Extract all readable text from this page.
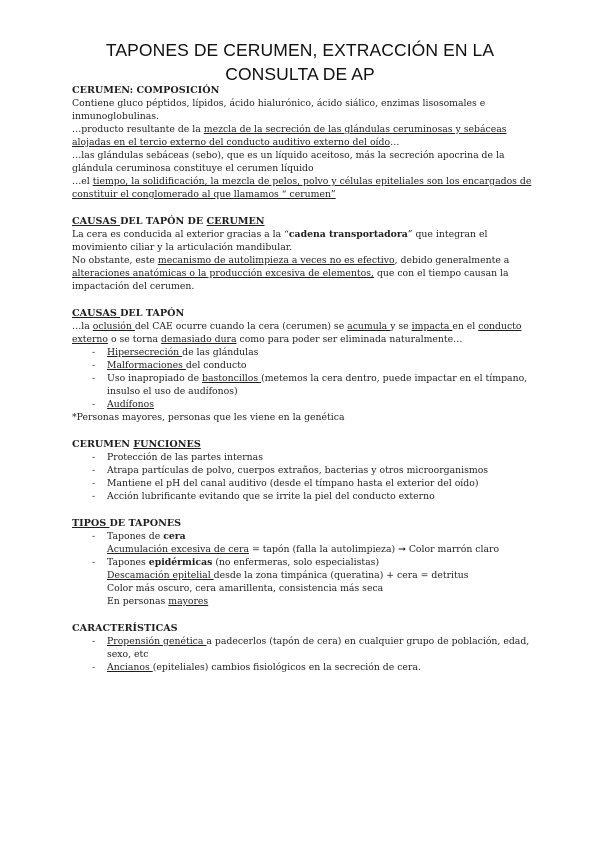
TAPONES DE CERUMEN, EXTRACCIÓN EN LA CONSULTA DE AP
CERUMEN: COMPOSICIÓN
Contiene gluco péptidos, lípidos, ácido hialurónico, ácido siálico, enzimas lisosomales e inmunoglobulinas.
…producto resultante de la mezcla de la secreción de las glándulas ceruminosas y sebáceas alojadas en el tercio externo del conducto auditivo externo del oído…
…las glándulas sebáceas (sebo), que es un líquido aceitoso, más la secreción apocrina de la glándula ceruminosa constituye el cerumen líquido
…el tiempo, la solidificación, la mezcla de pelos, polvo y células epiteliales son los encargados de constituir el conglomerado al que llamamos “ cerumen”
CAUSAS DEL TAPÓN DE CERUMEN
La cera es conducida al exterior gracias a la “cadena transportadora” que integran el movimiento ciliar y la articulación mandibular.
No obstante, este mecanismo de autolimpieza a veces no es efectivo, debido generalmente a alteraciones anatómicas o la producción excesiva de elementos, que con el tiempo causan la impactación del cerumen.
CAUSAS DEL TAPÓN
…la oclusión del CAE ocurre cuando la cera (cerumen) se acumula y se impacta en el conducto externo o se torna demasiado dura como para poder ser eliminada naturalmente…
- Hipersecreción de las glándulas
- Malformaciones del conducto
- Uso inapropiado de bastoncillos (metemos la cera dentro, puede impactar en el tímpano, insulso el uso de audífonos)
- Audífonos
*Personas mayores, personas que les viene en la genética
CERUMEN FUNCIONES
- Protección de las partes internas
- Atrapa partículas de polvo, cuerpos extraños, bacterias y otros microorganismos
- Mantiene el pH del canal auditivo (desde el tímpano hasta el exterior del oído)
- Acción lubrificante evitando que se irrite la piel del conducto externo
TIPOS DE TAPONES
- Tapones de cera
Acumulación excesiva de cera = tapón (falla la autolimpieza) ➞ Color marrón claro
- Tapones epidérmicas (no enfermeras, solo especialistas)
Descamación epitelial desde la zona timpánica (queratina) + cera = detritus
Color más oscuro, cera amarillenta, consistencia más seca
En personas mayores
CARACTERÍSTICAS
- Propensión genética a padecerlos (tapón de cera) en cualquier grupo de población, edad, sexo, etc
- Ancianos (epiteliales) cambios fisiológicos en la secreción de cera.
